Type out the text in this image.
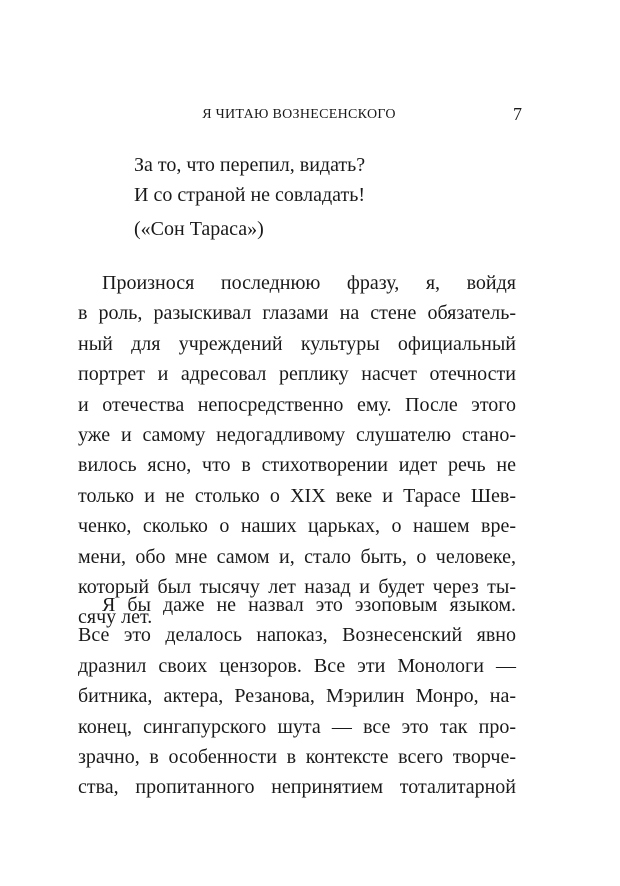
Я ЧИТАЮ ВОЗНЕСЕНСКОГО	7
За то, что перепил, видать?
И со страной не совладать!
(«Сон Тараса»)
Произнося последнюю фразу, я, войдя
в роль, разыскивал глазами на стене обязатель-
ный для учреждений культуры официальный
портрет и адресовал реплику насчет отечности
и отечества непосредственно ему. После этого
уже и самому недогадливому слушателю стано-
вилось ясно, что в стихотворении идет речь не
только и не столько о XIX веке и Тарасе Шев-
ченко, сколько о наших царьках, о нашем вре-
мени, обо мне самом и, стало быть, о человеке,
который был тысячу лет назад и будет через ты-
сячу лет.
Я бы даже не назвал это эзоповым языком.
Все это делалось напоказ, Вознесенский явно
дразнил своих цензоров. Все эти Монологи —
битника, актера, Резанова, Мэрилин Монро, на-
конец, сингапурского шута — все это так про-
зрачно, в особенности в контексте всего творче-
ства, пропитанного непринятием тоталитарной
